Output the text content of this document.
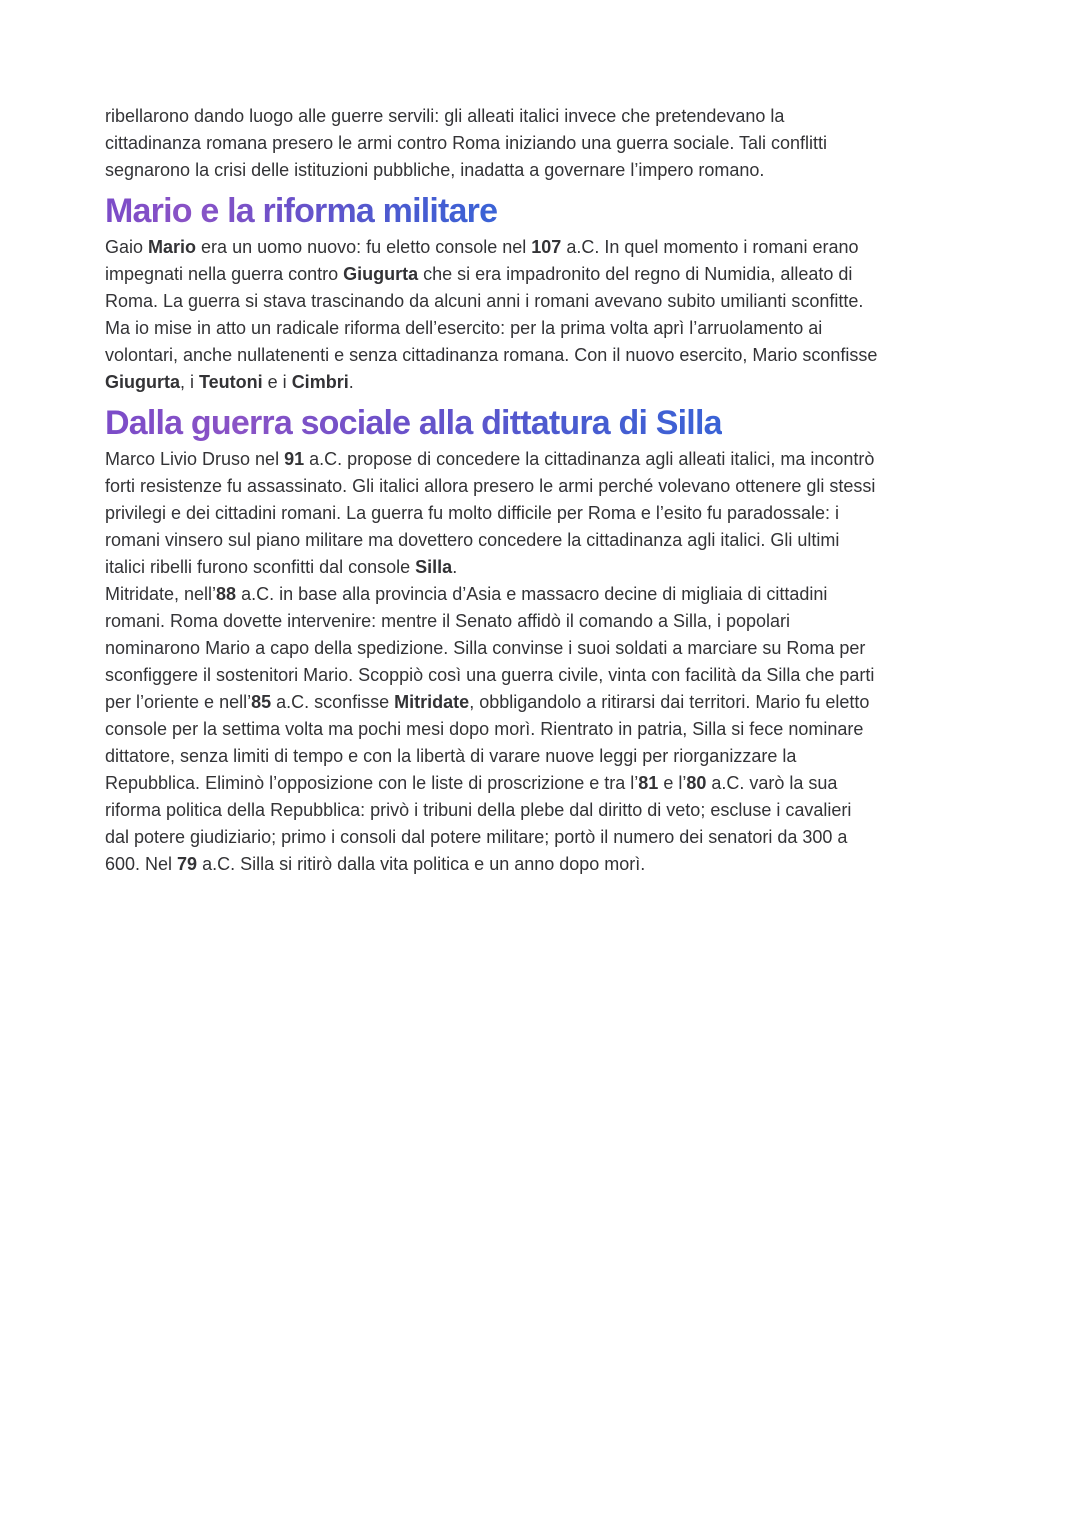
ribellarono dando luogo alle guerre servili: gli alleati italici invece che pretendevano la
cittadinanza romana presero le armi contro Roma iniziando una guerra sociale. Tali conflitti
segnarono la crisi delle istituzioni pubbliche, inadatta a governare l’impero romano.
Mario e la riforma militare
Gaio Mario era un uomo nuovo: fu eletto console nel 107 a.C. In quel momento i romani erano
impegnati nella guerra contro Giugurta che si era impadronito del regno di Numidia, alleato di
Roma. La guerra si stava trascinando da alcuni anni i romani avevano subito umilianti sconfitte.
Ma io mise in atto un radicale riforma dell’esercito: per la prima volta aprì l’arruolamento ai
volontari, anche nullatenenti e senza cittadinanza romana. Con il nuovo esercito, Mario sconfisse
Giugurta, i Teutoni e i Cimbri.
Dalla guerra sociale alla dittatura di Silla
Marco Livio Druso nel 91 a.C. propose di concedere la cittadinanza agli alleati italici, ma incontrò
forti resistenze fu assassinato. Gli italici allora presero le armi perché volevano ottenere gli stessi
privilegi e dei cittadini romani. La guerra fu molto difficile per Roma e l’esito fu paradossale: i
romani vinsero sul piano militare ma dovettero concedere la cittadinanza agli italici. Gli ultimi
italici ribelli furono sconfitti dal console Silla.
Mitridate, nell’88 a.C. in base alla provincia d’Asia e massacro decine di migliaia di cittadini
romani. Roma dovette intervenire: mentre il Senato affidò il comando a Silla, i popolari
nominarono Mario a capo della spedizione. Silla convinse i suoi soldati a marciare su Roma per
sconfiggere il sostenitori Mario. Scoppiò così una guerra civile, vinta con facilità da Silla che parti
per l’oriente e nell’85 a.C. sconfisse Mitridate, obbligandolo a ritirarsi dai territori. Mario fu eletto
console per la settima volta ma pochi mesi dopo morì. Rientrato in patria, Silla si fece nominare
dittatore, senza limiti di tempo e con la libertà di varare nuove leggi per riorganizzare la
Repubblica. Eliminò l’opposizione con le liste di proscrizione e tra l’81 e l’80 a.C. varò la sua
riforma politica della Repubblica: privò i tribuni della plebe dal diritto di veto; escluse i cavalieri
dal potere giudiziario; primo i consoli dal potere militare; portò il numero dei senatori da 300 a
600. Nel 79 a.C. Silla si ritirò dalla vita politica e un anno dopo morì.
